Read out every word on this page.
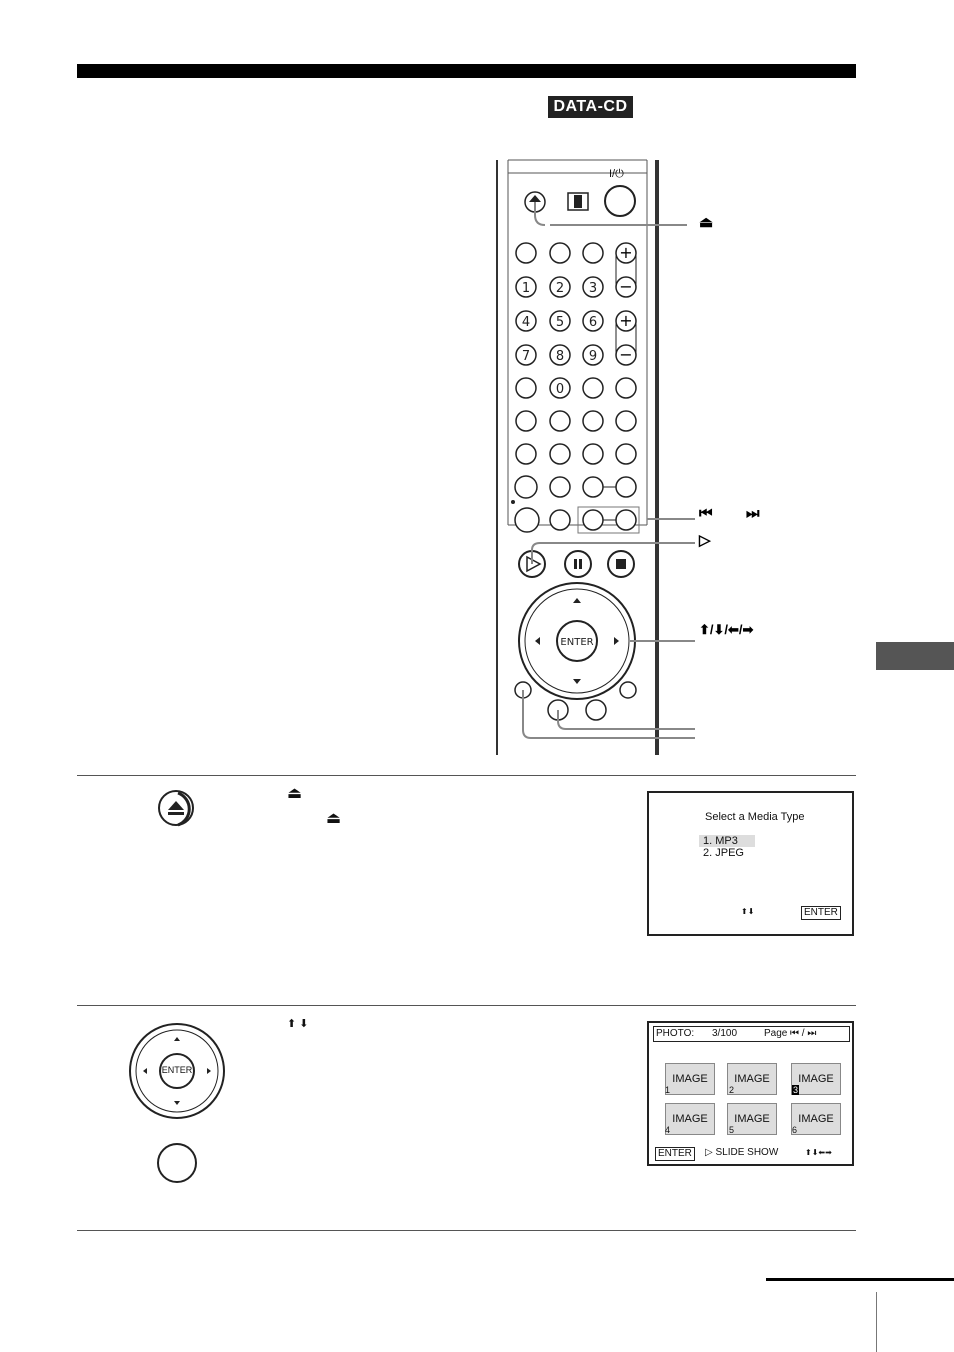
DATA-CD
+
−
+
−
1 2 3
4 5 6
7 8 9
0
ENTER
I/⏻
⏏
⏮ ⏭
▷
⬆/⬇/⬅/➡
⏏
⏏	Select a Media Type
1. MP3
2. JPEG
⬆⬇	ENTER
⬆ ⬇
ENTER
PHOTO: 3/100	Page ⏮ / ⏭
IMAGE	IMAGE	IMAGE
IMAGE	IMAGE	IMAGE
1	2	3
4	5	6
ENTER	▷ SLIDE SHOW	⬆⬇⬅➡
